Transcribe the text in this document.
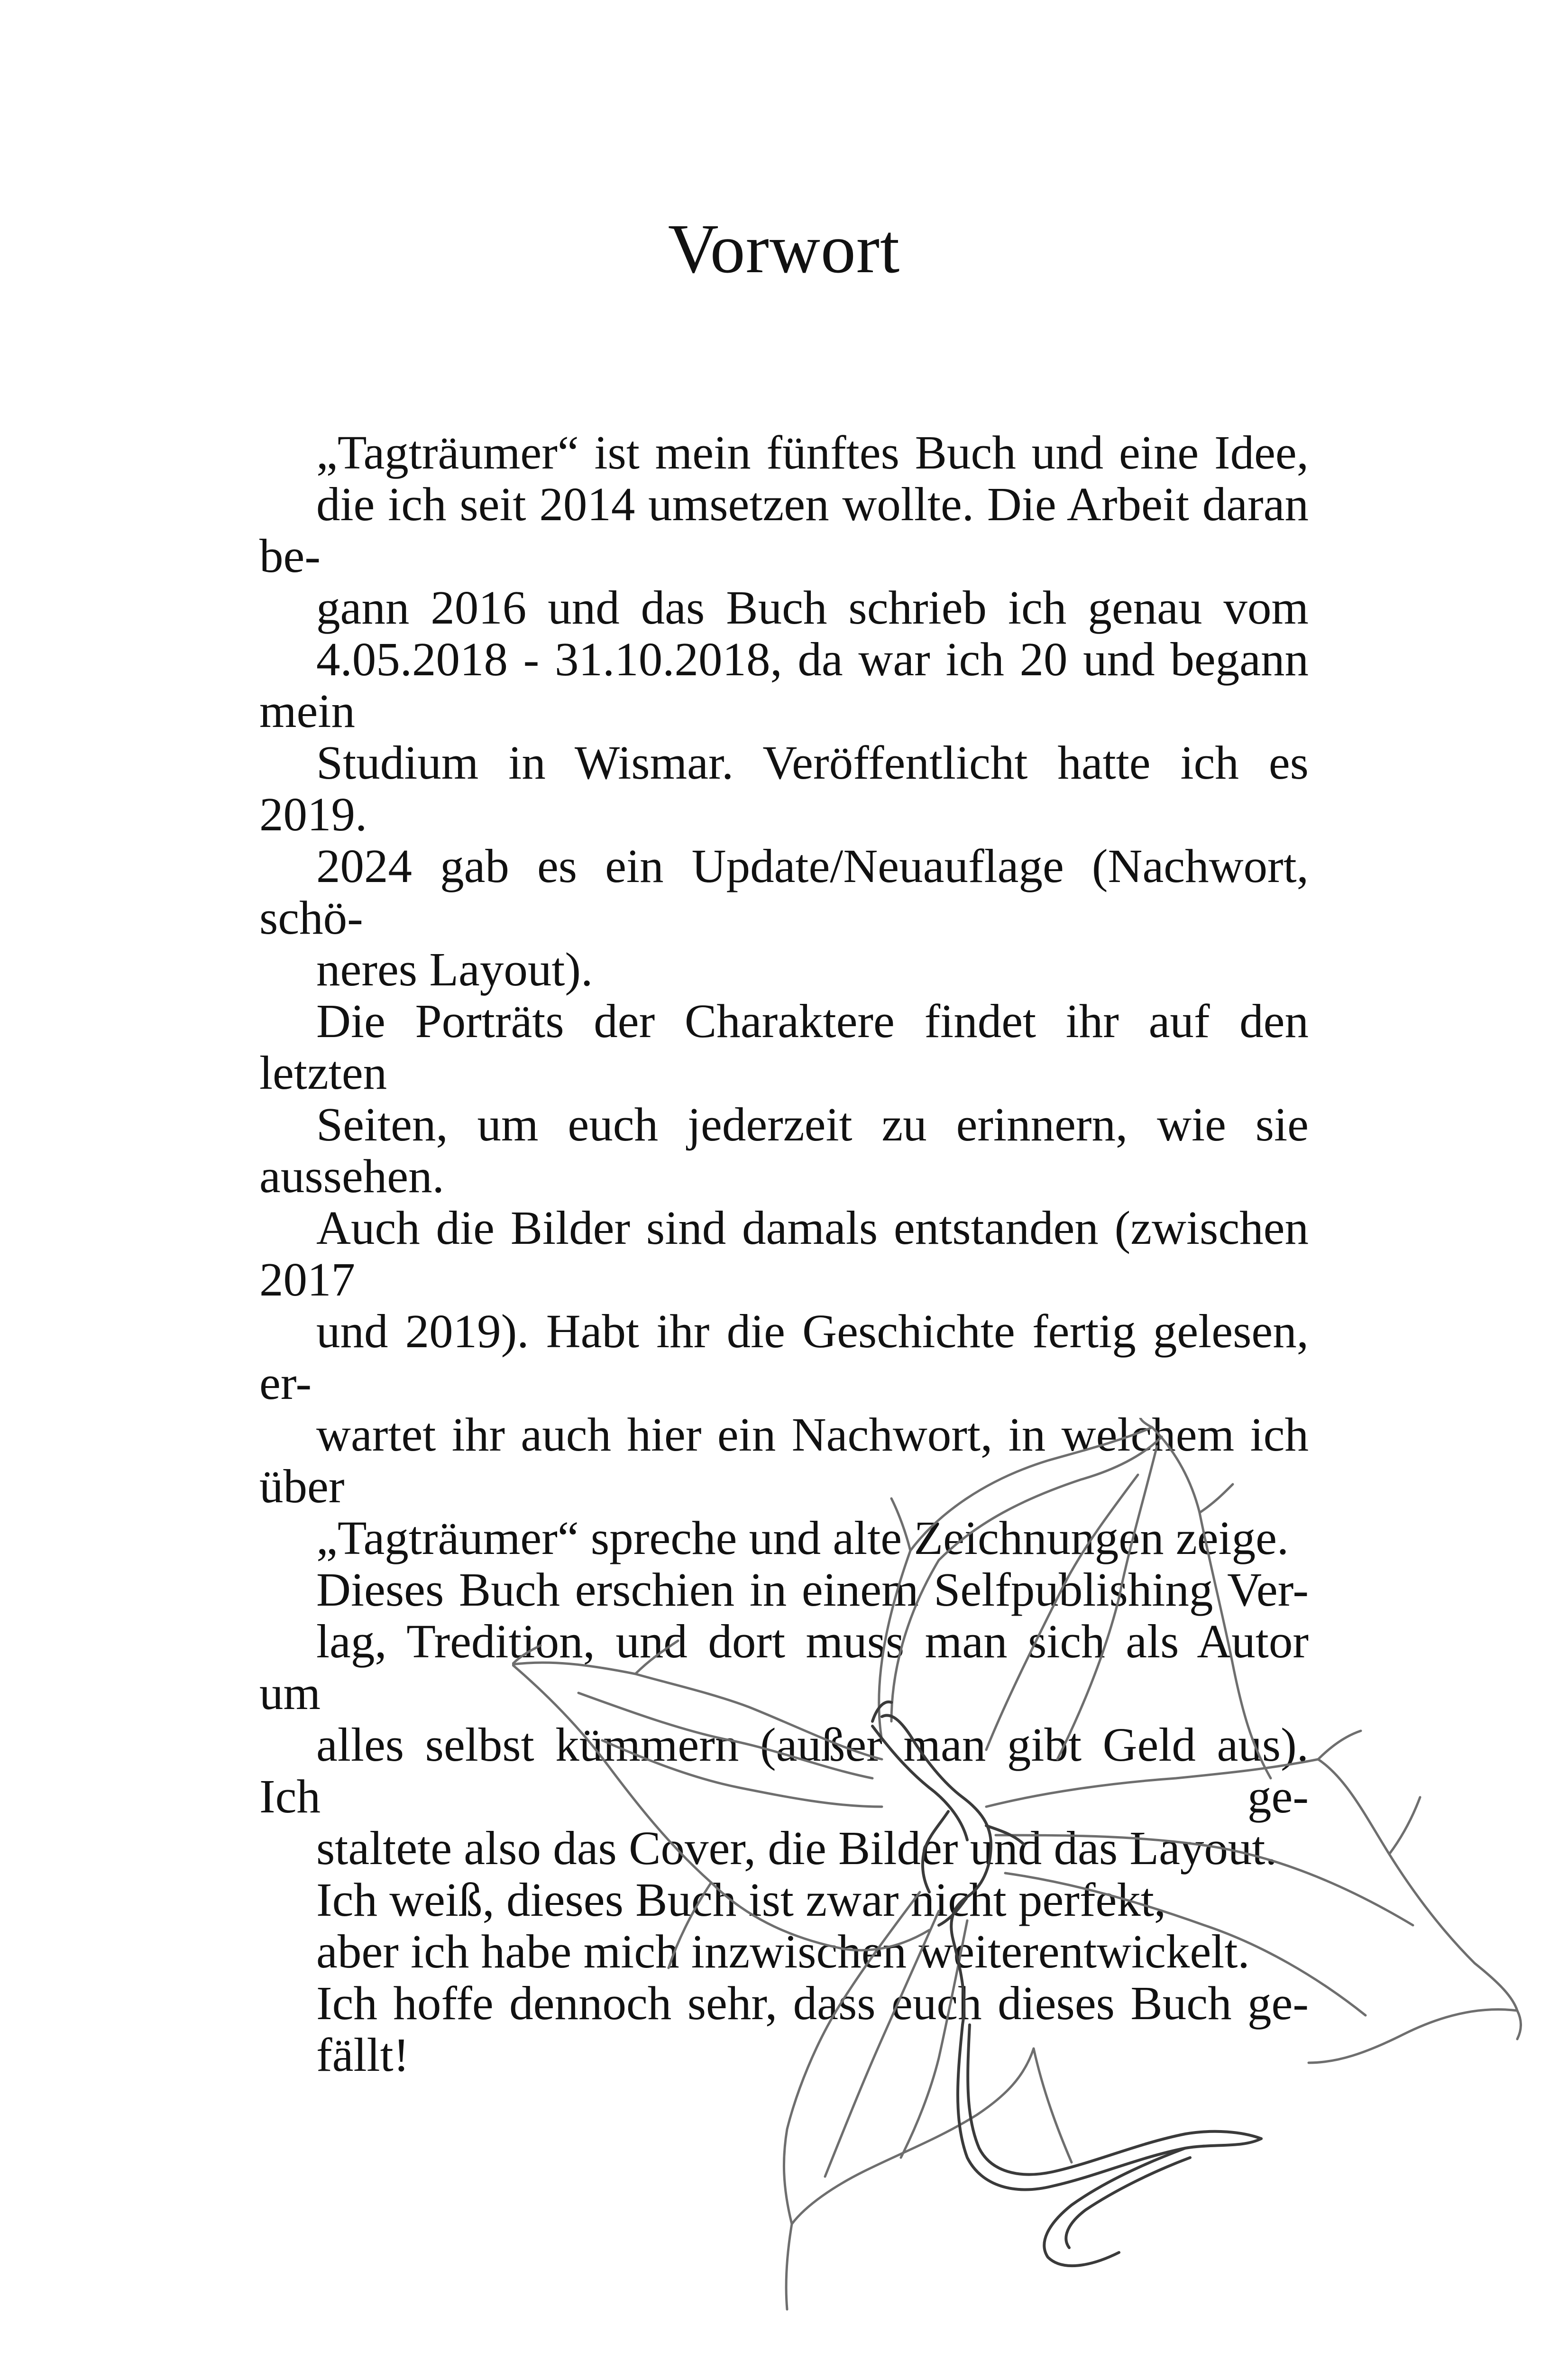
Vorwort

„Tagträumer“ ist mein fünftes Buch und eine Idee,
die ich seit 2014 umsetzen wollte. Die Arbeit daran be-
gann 2016 und das Buch schrieb ich genau vom
4.05.2018 - 31.10.2018, da war ich 20 und begann mein
Studium in Wismar. Veröffentlicht hatte ich es 2019.
2024 gab es ein Update/Neuauflage (Nachwort, schö-
neres Layout).

Die Porträts der Charaktere findet ihr auf den letzten
Seiten, um euch jederzeit zu erinnern, wie sie aussehen.
Auch die Bilder sind damals entstanden (zwischen 2017
und 2019). Habt ihr die Geschichte fertig gelesen, er-
wartet ihr auch hier ein Nachwort, in welchem ich über
„Tagträumer“ spreche und alte Zeichnungen zeige.

Dieses Buch erschien in einem Selfpublishing Ver-
lag, Tredition, und dort muss man sich als Autor um
alles selbst kümmern (außer man gibt Geld aus). Ich ge-
staltete also das Cover, die Bilder und das Layout.

Ich weiß, dieses Buch ist zwar nicht perfekt,
aber ich habe mich inzwischen weiterentwickelt.
Ich hoffe dennoch sehr, dass euch dieses Buch ge-
fällt!
